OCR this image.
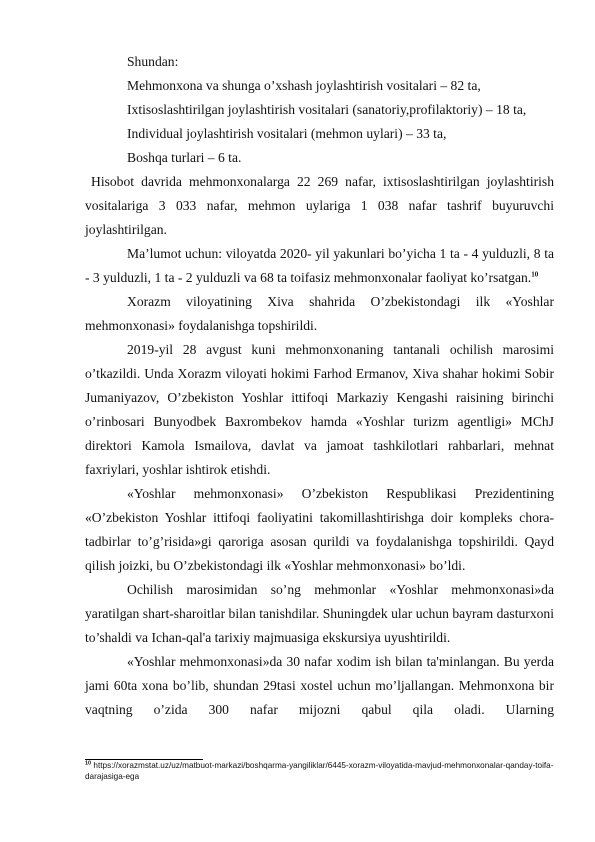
Shundan:
Mehmonxona va shunga o’xshash joylashtirish vositalari – 82 ta,
Ixtisoslashtirilgan joylashtirish vositalari (sanatoriy,profilaktoriy) – 18 ta,
Individual joylashtirish vositalari (mehmon uylari) – 33 ta,
Boshqa turlari – 6 ta.
Hisobot davrida mehmonxonalarga 22 269 nafar, ixtisoslashtirilgan joylashtirish vositalariga 3 033 nafar, mehmon uylariga 1 038 nafar tashrif buyuruvchi joylashtirilgan.
Ma’lumot uchun: viloyatda 2020- yil yakunlari bo’yicha 1 ta - 4 yulduzli, 8 ta - 3 yulduzli, 1 ta - 2 yulduzli va 68 ta toifasiz mehmonxonalar faoliyat ko’rsatgan.$^{10}$
Xorazm viloyatining Xiva shahrida O’zbekistondagi ilk «Yoshlar mehmonxonasi» foydalanishga topshirildi.
2019-yil 28 avgust kuni mehmonxonaning tantanali ochilish marosimi o’tkazildi. Unda Xorazm viloyati hokimi Farhod Ermanov, Xiva shahar hokimi Sobir Jumaniyazov, O’zbekiston Yoshlar ittifoqi Markaziy Kengashi raisining birinchi o’rinbosari Bunyodbek Baxrombekov hamda «Yoshlar turizm agentligi» MChJ direktori Kamola Ismailova, davlat va jamoat tashkilotlari rahbarlari, mehnat faxriylari, yoshlar ishtirok etishdi.
«Yoshlar mehmonxonasi» O’zbekiston Respublikasi Prezidentining «O’zbekiston Yoshlar ittifoqi faoliyatini takomillashtirishga doir kompleks chora-tadbirlar to’g’risida»gi qaroriga asosan qurildi va foydalanishga topshirildi. Qayd qilish joizki, bu O’zbekistondagi ilk «Yoshlar mehmonxonasi» bo’ldi.
Ochilish marosimidan so’ng mehmonlar «Yoshlar mehmonxonasi»da yaratilgan shart-sharoitlar bilan tanishdilar. Shuningdek ular uchun bayram dasturxoni to’shaldi va Ichan-qal'a tarixiy majmuasiga ekskursiya uyushtirildi.
«Yoshlar mehmonxonasi»da 30 nafar xodim ish bilan ta'minlangan. Bu yerda jami 60ta xona bo’lib, shundan 29tasi xostel uchun mo’ljallangan. Mehmonxona bir vaqtning o’zida 300 nafar mijozni qabul qila oladi. Ularning
$^{10}$ https://xorazmstat.uz/uz/matbuot-markazi/boshqarma-yangiliklar/6445-xorazm-viloyatida-mavjud-mehmonxonalar-qanday-toifa-darajasiga-ega
